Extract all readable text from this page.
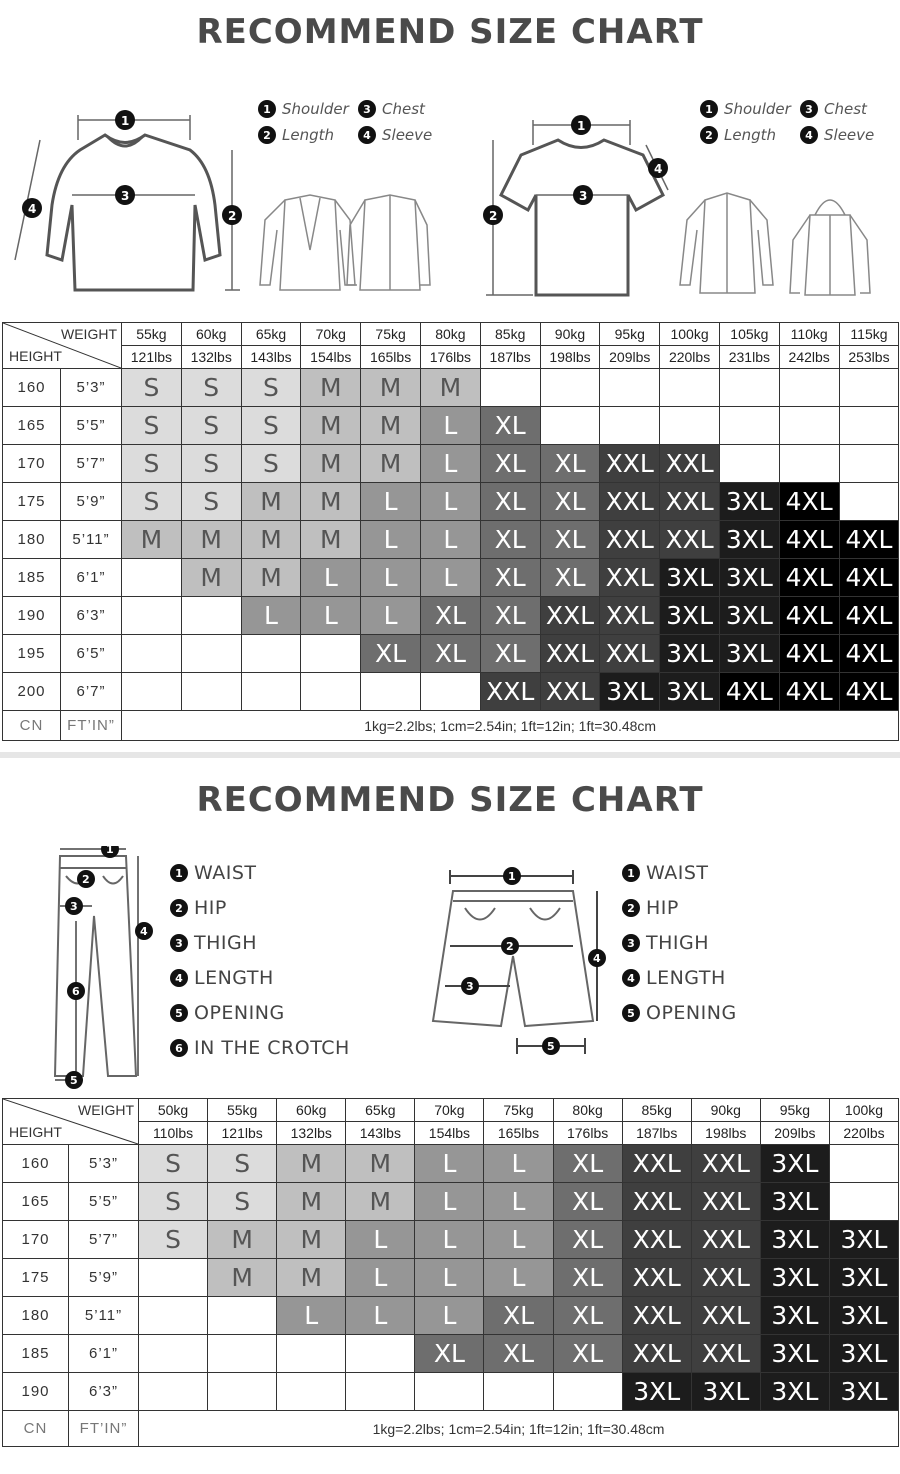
RECOMMEND SIZE CHART
1
2
3
4
1 Shoulder	3 Chest
2 Length	4 Sleeve	1
2
3
4
1 Shoulder	3 Chest
2 Length	4 Sleeve
WEIGHT
HEIGHT		55kg	60kg	65kg	70kg	75kg	80kg	85kg	90kg	95kg	100kg	105kg	110kg	115kg
		121lbs	132lbs	143lbs	154lbs	165lbs	176lbs	187lbs	198lbs	209lbs	220lbs	231lbs	242lbs	253lbs
160	5’3”	S	S	S	M	M	M							
165	5’5”	S	S	S	M	M	L	XL						
170	5’7”	S	S	S	M	M	L	XL	XL	XXL	XXL			
175	5’9”	S	S	M	M	L	L	XL	XL	XXL	XXL	3XL	4XL	
180	5’11”	M	M	M	M	L	L	XL	XL	XXL	XXL	3XL	4XL	4XL
185	6’1”		M	M	L	L	L	XL	XL	XXL	3XL	3XL	4XL	4XL
190	6’3”			L	L	L	XL	XL	XXL	XXL	3XL	3XL	4XL	4XL
195	6’5”					XL	XL	XL	XXL	XXL	3XL	3XL	4XL	4XL
200	6’7”							XXL	XXL	3XL	3XL	4XL	4XL	4XL
CN	FT’IN”	1kg=2.2lbs; 1cm=2.54in; 1ft=12in; 1ft=30.48cm												
RECOMMEND SIZE CHART
1
2
3
4
5
6
1 WAIST
2 HIP
3 THIGH
4 LENGTH
5 OPENING
6 IN THE CROTCH
1
2
3
4
5
1 WAIST
2 HIP
3 THIGH
4 LENGTH
5 OPENING
WEIGHT
HEIGHT		50kg	55kg	60kg	65kg	70kg	75kg	80kg	85kg	90kg	95kg	100kg
		110lbs	121lbs	132lbs	143lbs	154lbs	165lbs	176lbs	187lbs	198lbs	209lbs	220lbs
160	5’3”	S	S	M	M	L	L	XL	XXL	XXL	3XL	
165	5’5”	S	S	M	M	L	L	XL	XXL	XXL	3XL	
170	5’7”	S	M	M	L	L	L	XL	XXL	XXL	3XL	3XL
175	5’9”		M	M	L	L	L	XL	XXL	XXL	3XL	3XL
180	5’11”			L	L	L	XL	XL	XXL	XXL	3XL	3XL
185	6’1”					XL	XL	XL	XXL	XXL	3XL	3XL
190	6’3”								3XL	3XL	3XL	3XL
CN	FT’IN”	1kg=2.2lbs; 1cm=2.54in; 1ft=12in; 1ft=30.48cm										
